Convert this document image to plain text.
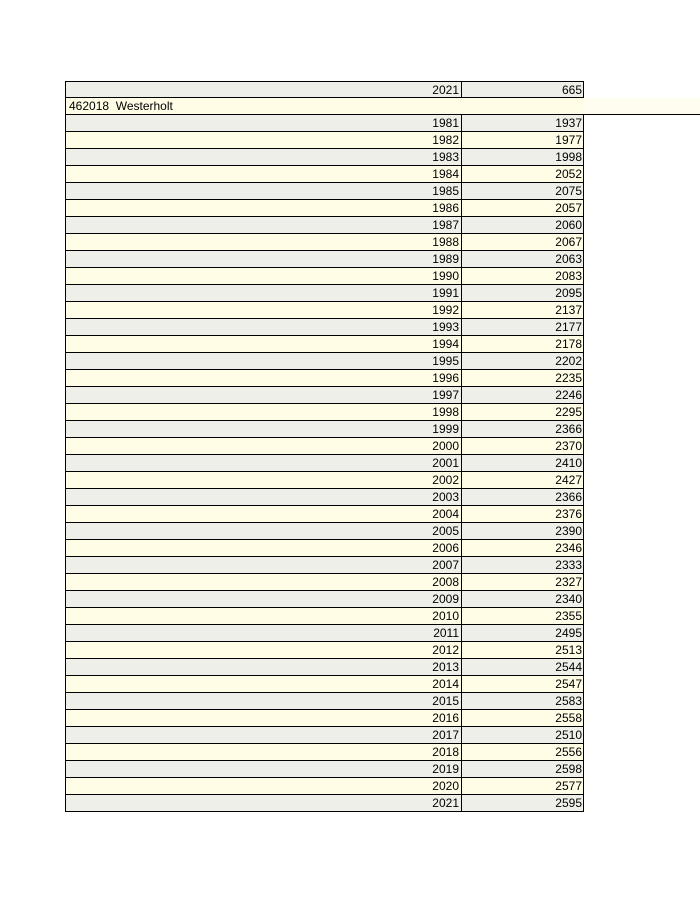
2021	665
462018  Westerholt
1981	1937
1982	1977
1983	1998
1984	2052
1985	2075
1986	2057
1987	2060
1988	2067
1989	2063
1990	2083
1991	2095
1992	2137
1993	2177
1994	2178
1995	2202
1996	2235
1997	2246
1998	2295
1999	2366
2000	2370
2001	2410
2002	2427
2003	2366
2004	2376
2005	2390
2006	2346
2007	2333
2008	2327
2009	2340
2010	2355
2011	2495
2012	2513
2013	2544
2014	2547
2015	2583
2016	2558
2017	2510
2018	2556
2019	2598
2020	2577
2021	2595
